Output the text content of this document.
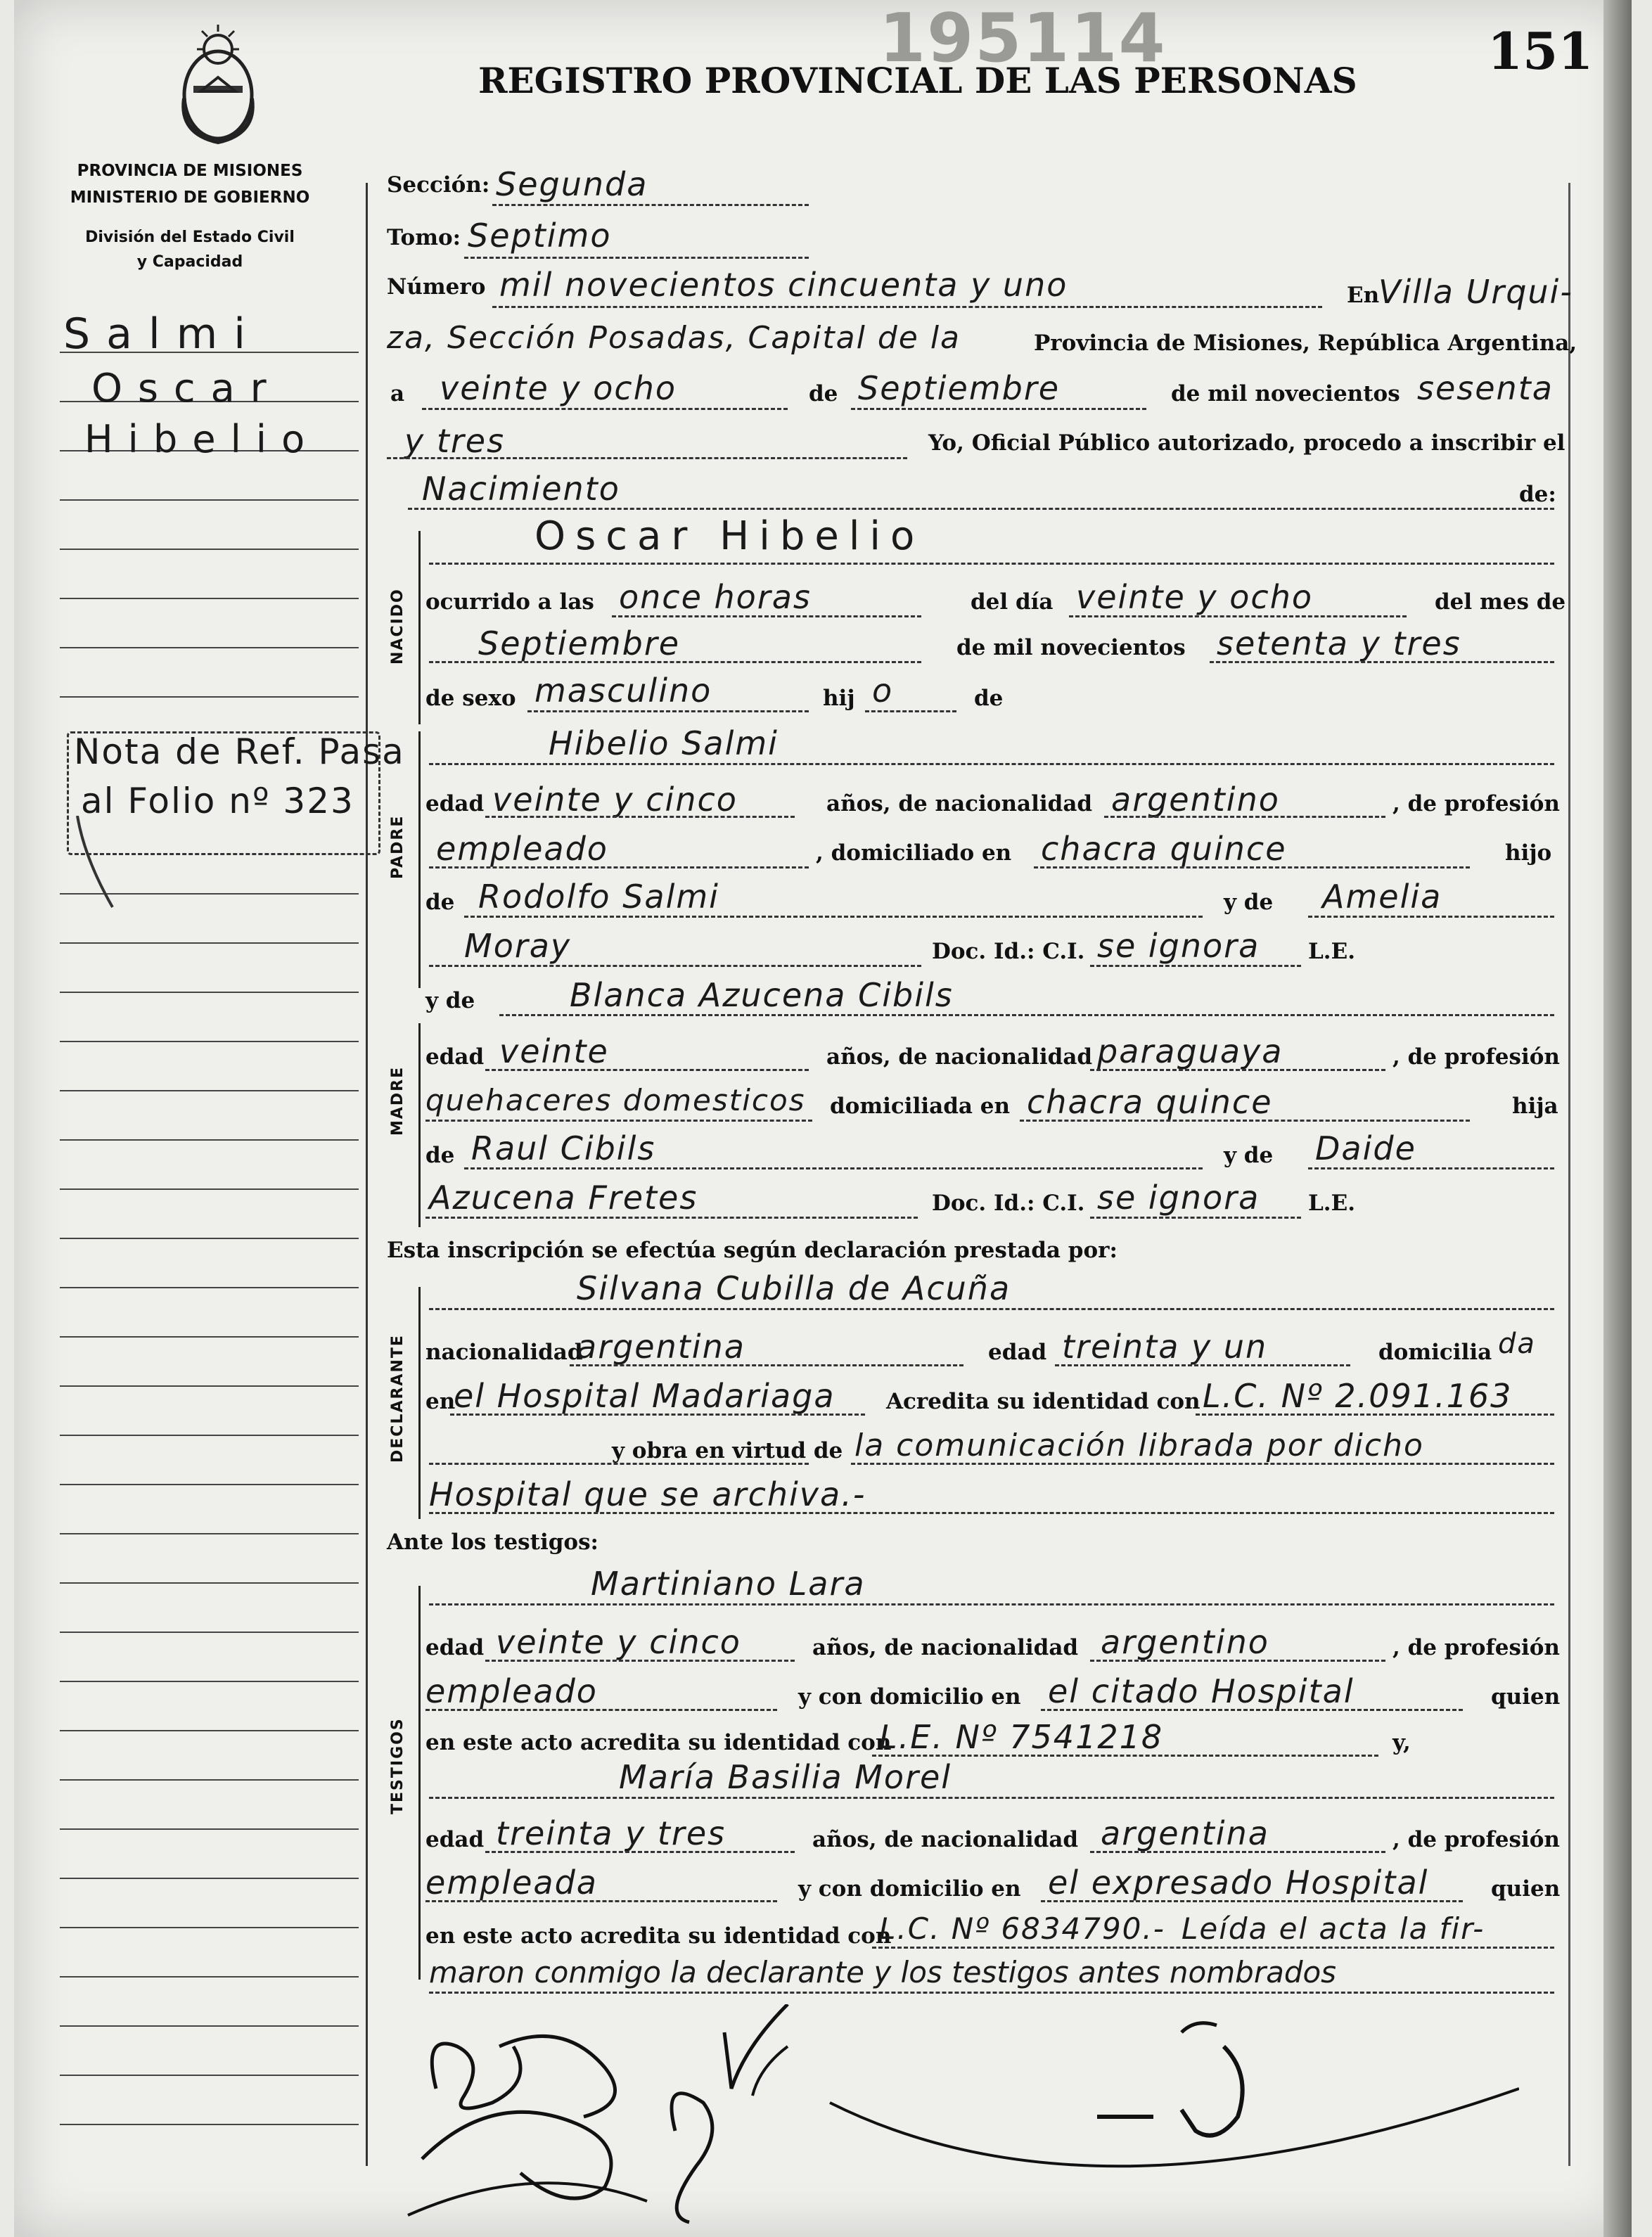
PROVINCIA DE MISIONES
MINISTERIO DE GOBIERNO
División del Estado Civil
y Capacidad
REGISTRO PROVINCIAL DE LAS PERSONAS	151
195114
S a l m i
O s c a r
H i b e l i o
Nota de Ref. Pasa
al Folio nº 323
Sección: Segunda
Tomo: Septimo
Número mil novecientos cincuenta y uno	En
Villa Urqui-
za, Sección Posadas, Capital de la	Provincia de Misiones, República Argentina,
a veinte y ocho	de Septiembre	de mil novecientos sesenta
y tres	Yo, Oficial Público autorizado, procedo a inscribir el
Nacimiento	de:
NACIDO
Oscar Hibelio
ocurrido a las once horas	del día veinte y ocho	del mes de
Septiembre	de mil novecientos setenta y tres
de sexo masculino	hij o	de
PADRE
Hibelio Salmi
edad veinte y cinco	años, de nacionalidad argentino	, de profesión
empleado	, domiciliado en chacra quince	hijo
de Rodolfo Salmi	y de Amelia
Moray	Doc. Id.: C.I. se ignora L.E.
y de	Blanca Azucena Cibils
MADRE
edad veinte	años, de nacionalidad paraguaya	, de profesión
quehaceres domesticos domiciliada en chacra quince	hija
de Raul Cibils	y de Daide
Azucena Fretes	Doc. Id.: C.I. se ignora L.E.
Esta inscripción se efectúa según declaración prestada por:
DECLARANTE
Silvana Cubilla de Acuña
nacionalidad
argentina	edad treinta y un	domicilia da
en
el Hospital Madariaga Acredita su identidad con L.C. Nº 2.091.163
y obra en virtud de la comunicación librada por dicho
Hospital que se archiva.-
Ante los testigos:
TESTIGOS
Martiniano Lara
edad veinte y cinco	años, de nacionalidad argentino	, de profesión
empleado	y con domicilio en el citado Hospital	quien
en este acto acredita su identidad con
L.E. Nº 7541218	y,
María Basilia Morel
edad treinta y tres	años, de nacionalidad argentina	, de profesión
empleada	y con domicilio en el expresado Hospital	quien
en este acto acredita su identidad con
L.C. Nº 6834790.- Leída el acta la fir-
maron conmigo la declarante y los testigos antes nombrados
